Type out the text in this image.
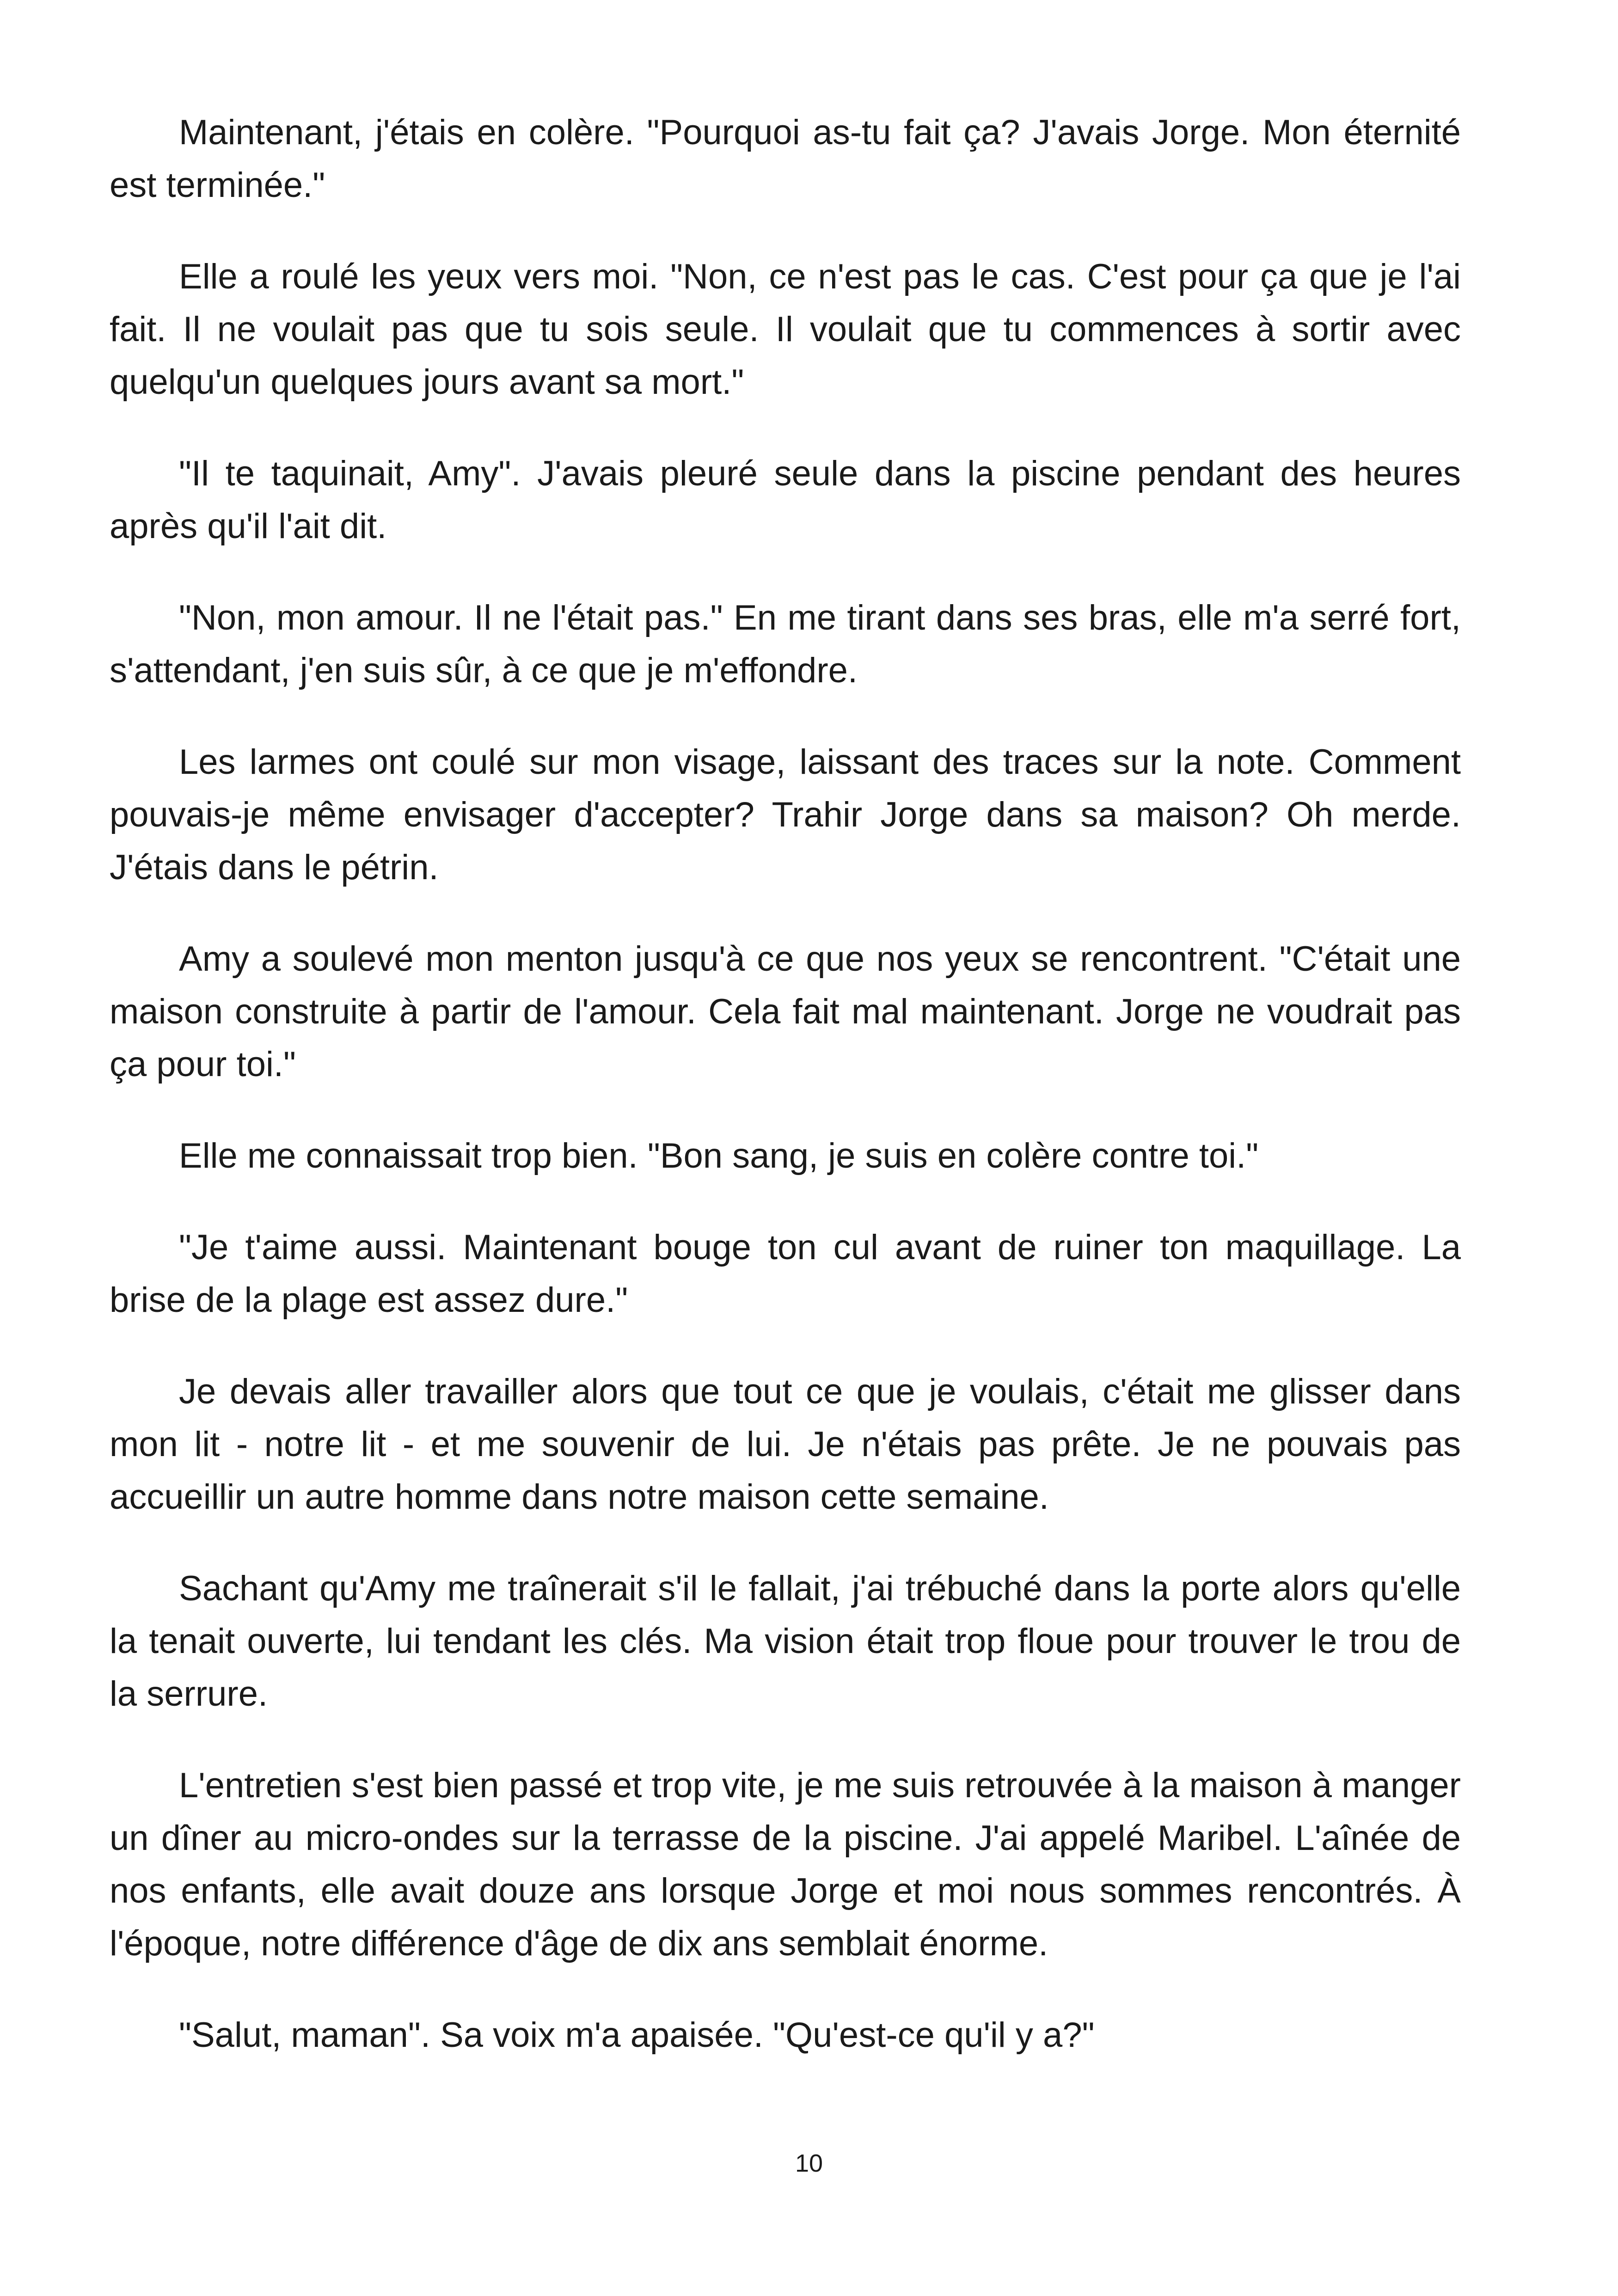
Maintenant, j'étais en colère. "Pourquoi as-tu fait ça? J'avais Jorge. Mon éternité est terminée."

Elle a roulé les yeux vers moi. "Non, ce n'est pas le cas. C'est pour ça que je l'ai fait. Il ne voulait pas que tu sois seule. Il voulait que tu commences à sortir avec quelqu'un quelques jours avant sa mort."

"Il te taquinait, Amy". J'avais pleuré seule dans la piscine pendant des heures après qu'il l'ait dit.

"Non, mon amour. Il ne l'était pas." En me tirant dans ses bras, elle m'a serré fort, s'attendant, j'en suis sûr, à ce que je m'effondre.

Les larmes ont coulé sur mon visage, laissant des traces sur la note. Comment pouvais-je même envisager d'accepter? Trahir Jorge dans sa maison? Oh merde. J'étais dans le pétrin.

Amy a soulevé mon menton jusqu'à ce que nos yeux se rencontrent. "C'était une maison construite à partir de l'amour. Cela fait mal maintenant. Jorge ne voudrait pas ça pour toi."

Elle me connaissait trop bien. "Bon sang, je suis en colère contre toi."

"Je t'aime aussi. Maintenant bouge ton cul avant de ruiner ton maquillage. La brise de la plage est assez dure."

Je devais aller travailler alors que tout ce que je voulais, c'était me glisser dans mon lit - notre lit - et me souvenir de lui. Je n'étais pas prête. Je ne pouvais pas accueillir un autre homme dans notre maison cette semaine.

Sachant qu'Amy me traînerait s'il le fallait, j'ai trébuché dans la porte alors qu'elle la tenait ouverte, lui tendant les clés. Ma vision était trop floue pour trouver le trou de la serrure.

L'entretien s'est bien passé et trop vite, je me suis retrouvée à la maison à manger un dîner au micro-ondes sur la terrasse de la piscine. J'ai appelé Maribel. L'aînée de nos enfants, elle avait douze ans lorsque Jorge et moi nous sommes rencontrés. À l'époque, notre différence d'âge de dix ans semblait énorme.

"Salut, maman". Sa voix m'a apaisée. "Qu'est-ce qu'il y a?"

10
